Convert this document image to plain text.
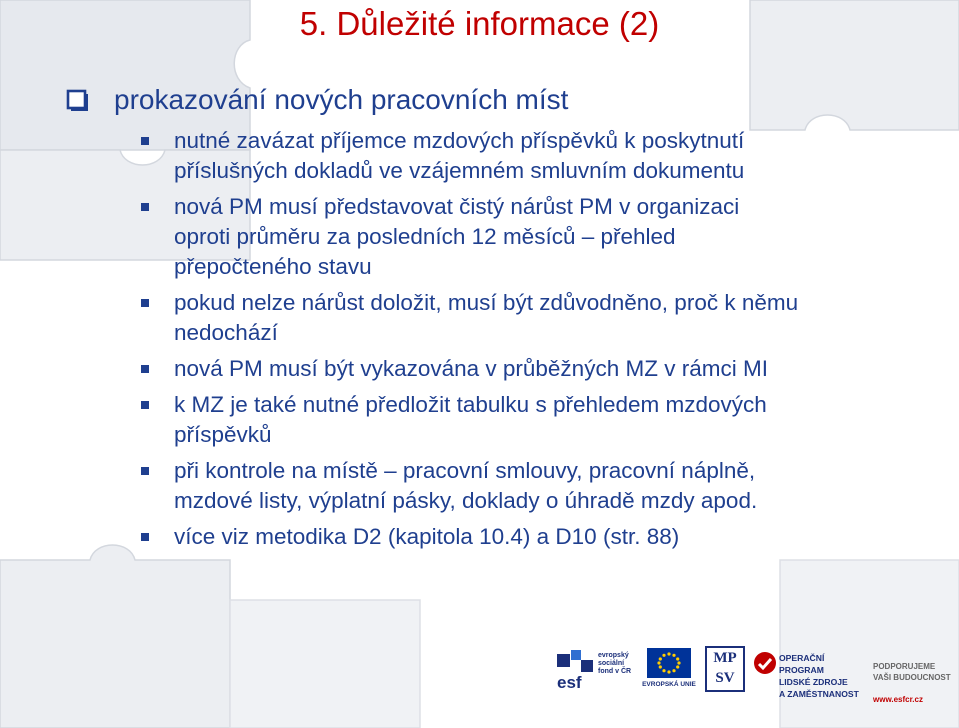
5. Důležité informace (2)
prokazování nových pracovních míst
nutné zavázat příjemce mzdových příspěvků k poskytnutí
příslušných dokladů ve vzájemném smluvním dokumentu
nová PM musí představovat čistý nárůst PM v organizaci
oproti průměru za posledních 12 měsíců – přehled
přepočteného stavu
pokud nelze nárůst doložit, musí být zdůvodněno, proč k němu
nedochází
nová PM musí být vykazována v průběžných MZ v rámci MI
k MZ je také nutné předložit tabulku s přehledem mzdových
příspěvků
při kontrole na místě – pracovní smlouvy, pracovní náplně,
mzdové listy, výplatní pásky, doklady o úhradě mzdy apod.
více viz metodika D2 (kapitola 10.4) a D10 (str. 88)
esf
evropský
sociální
fond v ČR
EVROPSKÁ UNIE
MP
SV
OPERAČNÍ PROGRAM
LIDSKÉ ZDROJE
A ZAMĚSTNANOST

PODPORUJEME
VAŠI BUDOUCNOST

www.esfcr.cz
